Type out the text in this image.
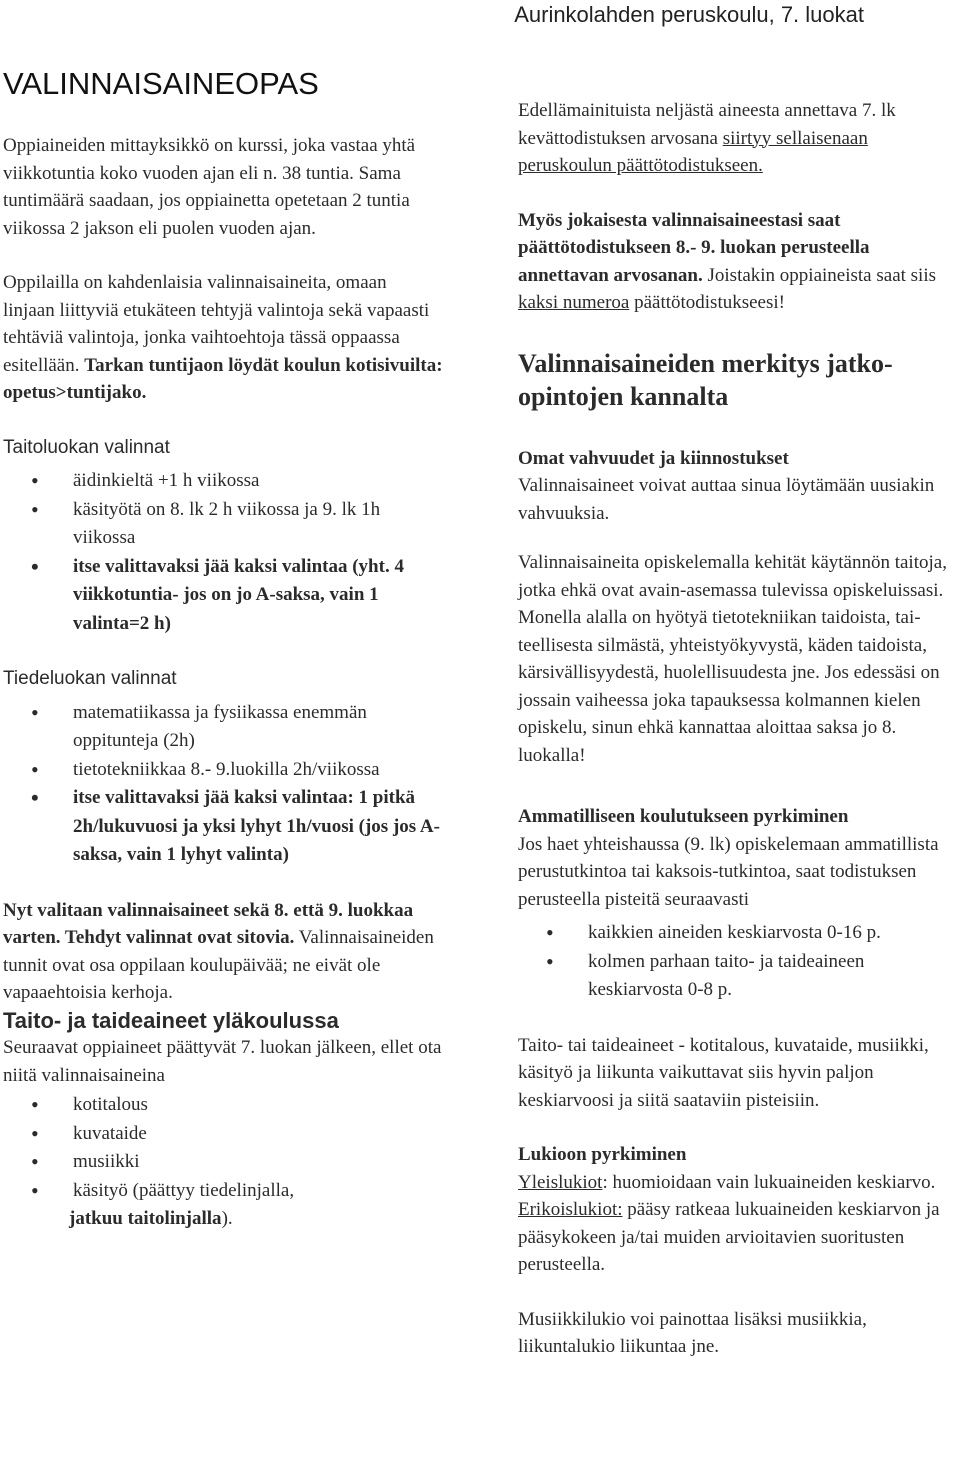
Aurinkolahden peruskoulu, 7. luokat
VALINNAISAINEOPAS

Oppiaineiden mittayksikkö on kurssi, joka vastaa yhtä viikkotuntia koko vuoden ajan eli n. 38 tuntia. Sama tuntimäärä saadaan, jos oppiainetta opetetaan 2 tuntia viikossa 2 jakson eli puolen vuoden ajan.

Oppilailla on kahdenlaisia valinnaisaineita, omaan linjaan liittyviä etukäteen tehtyjä valintoja sekä vapaasti tehtäviä valintoja, jonka vaihtoehtoja tässä oppaassa esitellään. Tarkan tuntijaon löydät koulun kotisivuilta: opetus>tuntijako.

Taitoluokan valinnat

• äidinkieltä +1 h viikossa
• käsityötä on 8. lk 2 h viikossa ja 9. lk 1h viikossa
• itse valittavaksi jää kaksi valintaa (yht. 4 viikkotuntia- jos on jo A-saksa, vain 1 valinta=2 h)

Tiedeluokan valinnat

• matematiikassa ja fysiikassa enemmän oppitunteja (2h)
• tietotekniikkaa 8.- 9.luokilla 2h/viikossa
• itse valittavaksi jää kaksi valintaa: 1 pitkä 2h/lukuvuosi ja yksi lyhyt 1h/vuosi (jos jos A-saksa, vain 1 lyhyt valinta)

Nyt valitaan valinnaisaineet sekä 8. että 9. luokkaa varten. Tehdyt valinnat ovat sitovia. Valinnaisaineiden tunnit ovat osa oppilaan koulupäivää; ne eivät ole vapaaehtoisia kerhoja.

Taito- ja taideaineet yläkoulussa

Seuraavat oppiaineet päättyvät 7. luokan jälkeen, ellet ota niitä valinnaisaineina

• kotitalous
• kuvataide
• musiikki
• käsityö (päättyy tiedelinjalla,

jatkuu taitolinjalla).

Edellämainituista neljästä aineesta annettava 7. lk kevättodistuksen arvosana siirtyy sellaisenaan peruskoulun päättötodistukseen.

Myös jokaisesta valinnaisaineestasi saat päättötodistukseen 8.- 9. luokan perusteella annettavan arvosanan. Joistakin oppiaineista saat siis kaksi numeroa päättötodistukseesi!

Valinnaisaineiden merkitys jatko-opintojen kannalta

Omat vahvuudet ja kiinnostukset

Valinnaisaineet voivat auttaa sinua löytämään uusiakin vahvuuksia.

Valinnaisaineita opiskelemalla kehität käytännön taitoja, jotka ehkä ovat avain-asemassa tulevissa opiskeluissasi. Monella alalla on hyötyä tietotekniikan taidoista, tai-teellisesta silmästä, yhteistyökyvystä, käden taidoista, kärsivällisyydestä, huolellisuudesta jne. Jos edessäsi on jossain vaiheessa joka tapauksessa kolmannen kielen opiskelu, sinun ehkä kannattaa aloittaa saksa jo 8. luokalla!

Ammatilliseen koulutukseen pyrkiminen

Jos haet yhteishaussa (9. lk) opiskelemaan ammatillista perustutkintoa tai kaksois-tutkintoa, saat todistuksen perusteella pisteitä seuraavasti

• kaikkien aineiden keskiarvosta 0-16 p.
• kolmen parhaan taito- ja taideaineen keskiarvosta 0-8 p.

Taito- tai taideaineet - kotitalous, kuvataide, musiikki, käsityö ja liikunta vaikuttavat siis hyvin paljon keskiarvoosi ja siitä saataviin pisteisiin.

Lukioon pyrkiminen

Yleislukiot: huomioidaan vain lukuaineiden keskiarvo. Erikoislukiot: pääsy ratkeaa lukuaineiden keskiarvon ja pääsykokeen ja/tai muiden arvioitavien suoritusten perusteella.

Musiikkilukio voi painottaa lisäksi musiikkia, liikuntalukio liikuntaa jne.
